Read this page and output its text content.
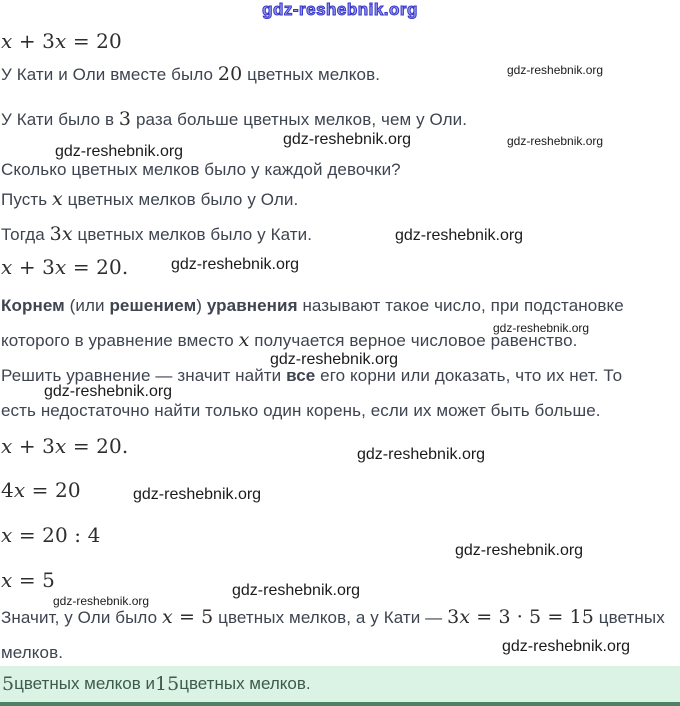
gdz-reshebnik.org
gdz-reshebnik.org
gdz-reshebnik.org	gdz-reshebnik.org
gdz-reshebnik.org
gdz-reshebnik.org
gdz-reshebnik.org
gdz-reshebnik.org
gdz-reshebnik.org
gdz-reshebnik.org
gdz-reshebnik.org
gdz-reshebnik.org
gdz-reshebnik.org
gdz-reshebnik.org
gdz-reshebnik.org
gdz-reshebnik.org
x + 3x = 20
У Кати и Оли вместе было 20 цветных мелков.
У Кати было в 3 раза больше цветных мелков, чем у Оли.
Сколько цветных мелков было у каждой девочки?
Пусть x цветных мелков было у Оли.
Тогда 3x цветных мелков было у Кати.
x + 3x = 20.
Корнем (или решением) уравнения называют такое число, при подстановке
которого в уравнение вместо x получается верное числовое равенство.
Решить уравнение — значит найти все его корни или доказать, что их нет. То
есть недостаточно найти только один корень, если их может быть больше.
x + 3x = 20.
4x = 20
x = 20 : 4
x = 5
Значит, у Оли было x = 5 цветных мелков, а у Кати — 3x = 3 · 5 = 15 цветных
мелков.
5 цветных мелков и 15 цветных мелков.
